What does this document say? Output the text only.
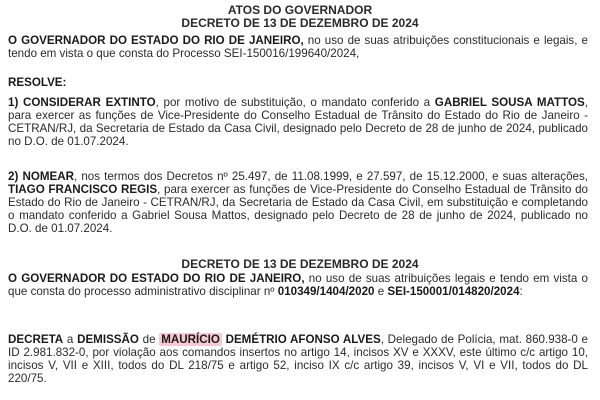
ATOS DO GOVERNADOR
DECRETO DE 13 DE DEZEMBRO DE 2024
O GOVERNADOR DO ESTADO DO RIO DE JANEIRO, no uso de suas atribuições constitucionais e legais, e tendo em vista o que consta do Processo SEI-150016/199640/2024,
RESOLVE:
1) CONSIDERAR EXTINTO, por motivo de substituição, o mandato conferido a GABRIEL SOUSA MATTOS, para exercer as funções de Vice-Presidente do Conselho Estadual de Trânsito do Estado do Rio de Janeiro - CETRAN/RJ, da Secretaria de Estado da Casa Civil, designado pelo Decreto de 28 de junho de 2024, publicado no D.O. de 01.07.2024.
2) NOMEAR, nos termos dos Decretos nº 25.497, de 11.08.1999, e 27.597, de 15.12.2000, e suas alterações, TIAGO FRANCISCO REGIS, para exercer as funções de Vice-Presidente do Conselho Estadual de Trânsito do Estado do Rio de Janeiro - CETRAN/RJ, da Secretaria de Estado da Casa Civil, em substituição e completando o mandato conferido a Gabriel Sousa Mattos, designado pelo Decreto de 28 de junho de 2024, publicado no D.O. de 01.07.2024.
DECRETO DE 13 DE DEZEMBRO DE 2024
O GOVERNADOR DO ESTADO DO RIO DE JANEIRO, no uso de suas atribuições legais e tendo em vista o que consta do processo administrativo disciplinar nº 010349/1404/2020 e SEI-150001/014820/2024:
DECRETA a DEMISSÃO de MAURÍCIO DEMÉTRIO AFONSO ALVES, Delegado de Polícia, mat. 860.938-0 e ID 2.981.832-0, por violação aos comandos insertos no artigo 14, incisos XV e XXXV, este último c/c artigo 10, incisos V, VII e XIII, todos do DL 218/75 e artigo 52, inciso IX c/c artigo 39, incisos V, VI e VII, todos do DL 220/75.
